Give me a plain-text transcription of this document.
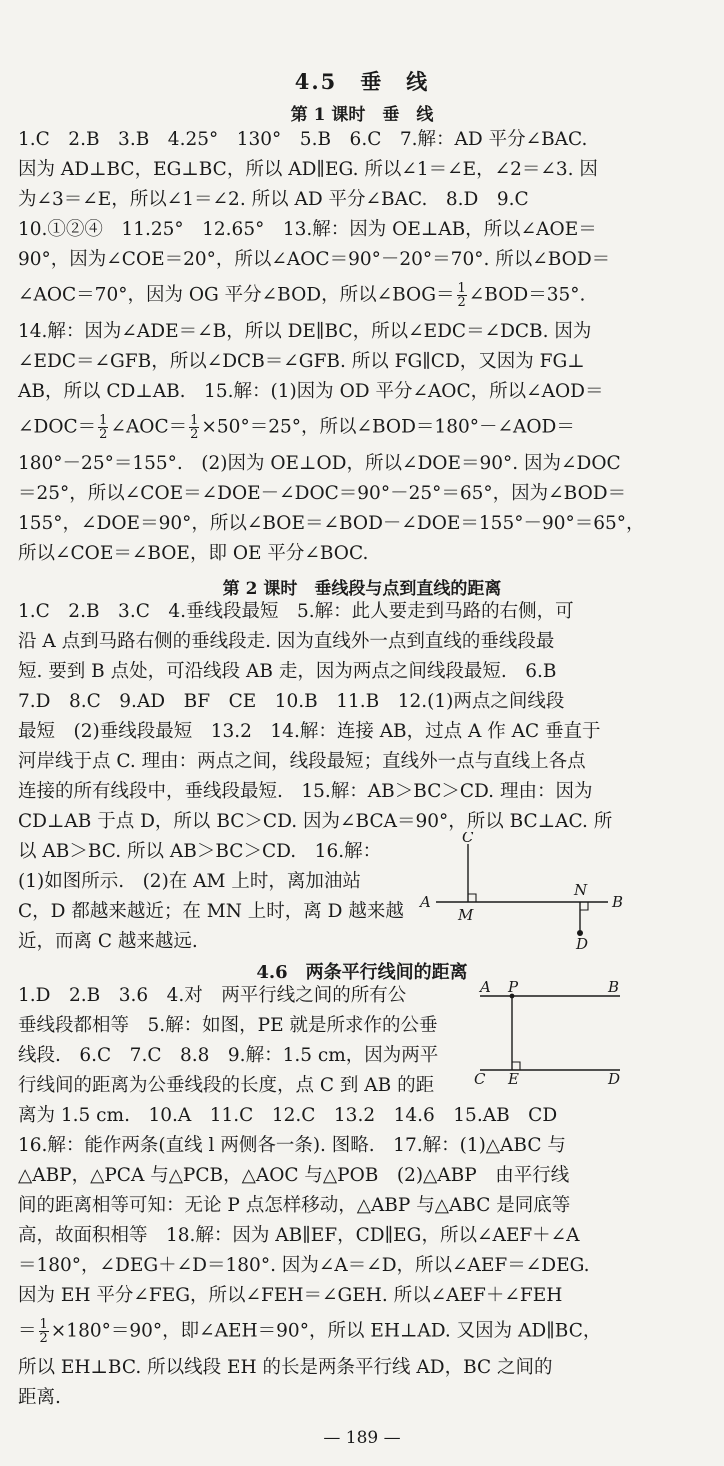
4.5　垂　线
第 1 课时　垂　线
1.C　2.B　3.B　4.25°　130°　5.B　6.C　7.解：AD 平分∠BAC.
因为 AD⊥BC，EG⊥BC，所以 AD∥EG. 所以∠1＝∠E，∠2＝∠3. 因
为∠3＝∠E，所以∠1＝∠2. 所以 AD 平分∠BAC.　8.D　9.C
10.①②④　11.25°　12.65°　13.解：因为 OE⊥AB，所以∠AOE＝
90°，因为∠COE＝20°，所以∠AOC＝90°－20°＝70°. 所以∠BOD＝
∠AOC＝70°，因为 OG 平分∠BOD，所以∠BOG＝ $\frac{1}{2}$ ∠BOD＝35°.
14.解：因为∠ADE＝∠B，所以 DE∥BC，所以∠EDC＝∠DCB. 因为
∠EDC＝∠GFB，所以∠DCB＝∠GFB. 所以 FG∥CD，又因为 FG⊥
AB，所以 CD⊥AB.　15.解：(1)因为 OD 平分∠AOC，所以∠AOD＝
∠DOC＝ $\frac{1}{2}$ ∠AOC＝ $\frac{1}{2} \times 50^\circ=25^\circ$，所以∠BOD＝180°－∠AOD＝
180°－25°＝155°.　(2)因为 OE⊥OD，所以∠DOE＝90°. 因为∠DOC
＝25°，所以∠COE＝∠DOE－∠DOC＝90°－25°＝65°，因为∠BOD＝
155°，∠DOE＝90°，所以∠BOE＝∠BOD－∠DOE＝155°－90°＝65°，
所以∠COE＝∠BOE，即 OE 平分∠BOC.
第 2 课时　垂线段与点到直线的距离
1.C　2.B　3.C　4.垂线段最短　5.解：此人要走到马路的右侧，可
沿 A 点到马路右侧的垂线段走. 因为直线外一点到直线的垂线段最
短. 要到 B 点处，可沿线段 AB 走，因为两点之间线段最短.　6.B
7.D　8.C　9.AD　BF　CE　10.B　11.B　12.(1)两点之间线段
最短　(2)垂线段最短　13.2　14.解：连接 AB，过点 A 作 AC 垂直于
河岸线于点 C. 理由：两点之间，线段最短；直线外一点与直线上各点
连接的所有线段中，垂线段最短.　15.解：AB＞BC＞CD. 理由：因为
CD⊥AB 于点 D，所以 BC＞CD. 因为∠BCA＝90°，所以 BC⊥AC. 所
以 AB＞BC. 所以 AB＞BC＞CD.　16.解：
(1)如图所示.　(2)在 AM 上时，离加油站
C，D 都越来越近；在 MN 上时，离 D 越来越
近，而离 C 越来越远.
C
A	B
M
N
D
4.6　两条平行线间的距离
1.D　2.B　3.6　4.对　两平行线之间的所有公
垂线段都相等　5.解：如图，PE 就是所求作的公垂
线段.　6.C　7.C　8.8　9.解：1.5 cm，因为两平
行线间的距离为公垂线段的长度，点 C 到 AB 的距
离为 1.5 cm.　10.A　11.C　12.C　13.2　14.6　15.AB　CD
A P	B
C E	D
16.解：能作两条(直线 l 两侧各一条). 图略.　17.解：(1)△ABC 与
△ABP，△PCA 与△PCB，△AOC 与△POB　(2)△ABP　由平行线
间的距离相等可知：无论 P 点怎样移动，△ABP 与△ABC 是同底等
高，故面积相等　18.解：因为 AB∥EF，CD∥EG，所以∠AEF＋∠A
＝180°，∠DEG＋∠D＝180°. 因为∠A＝∠D，所以∠AEF＝∠DEG.
因为 EH 平分∠FEG，所以∠FEH＝∠GEH. 所以∠AEF＋∠FEH
＝ $\frac{1}{2} \times 180^\circ=90^\circ$，即∠AEH＝90°，所以 EH⊥AD. 又因为 AD∥BC，
所以 EH⊥BC. 所以线段 EH 的长是两条平行线 AD，BC 之间的
距离.
— 189 —
